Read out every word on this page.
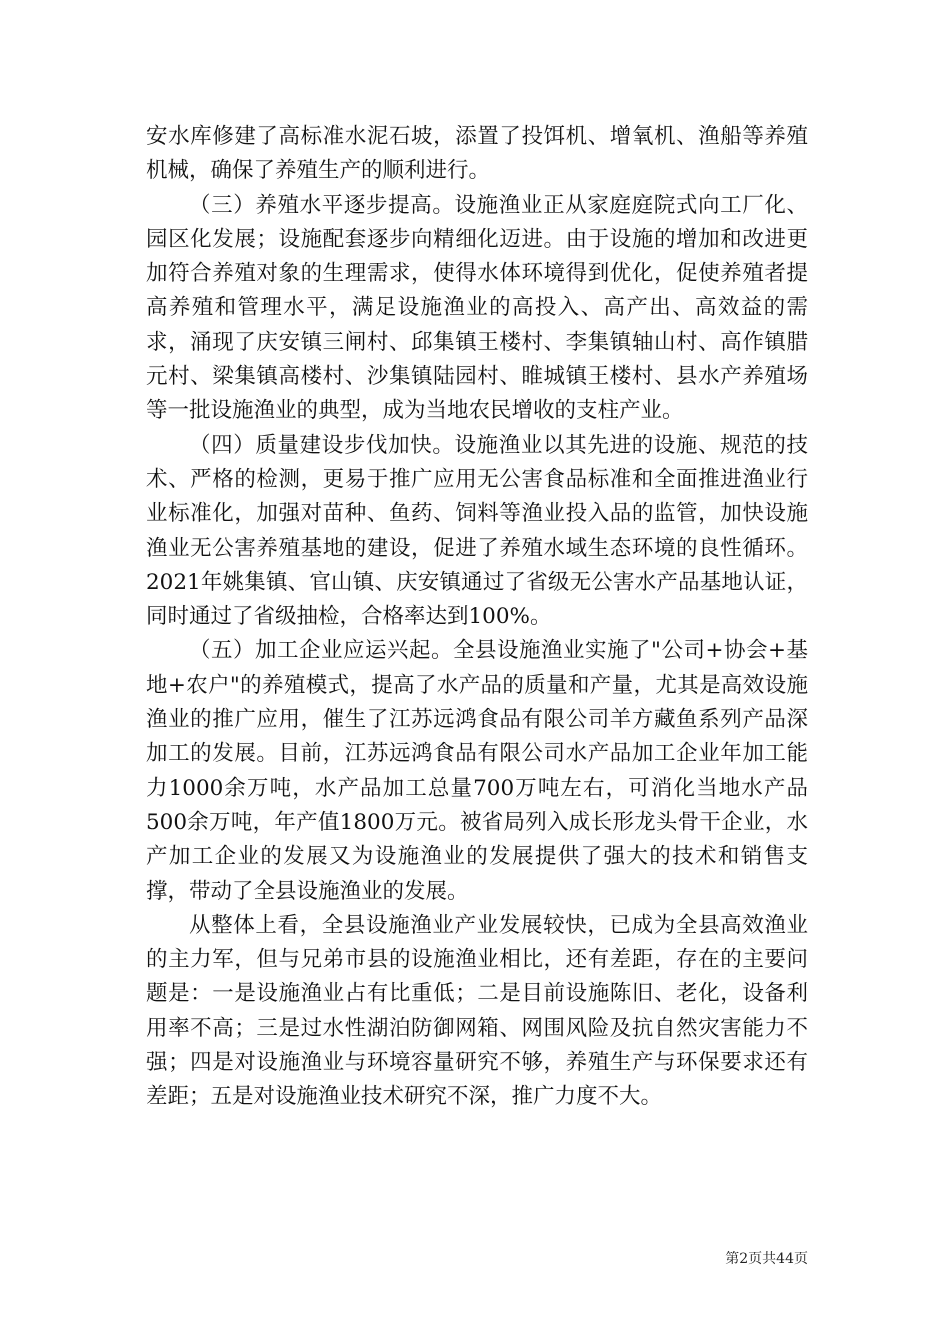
安水库修建了高标准水泥石坡，添置了投饵机、增氧机、渔船等养殖机械，确保了养殖生产的顺利进行。

（三）养殖水平逐步提高。设施渔业正从家庭庭院式向工厂化、园区化发展；设施配套逐步向精细化迈进。由于设施的增加和改进更加符合养殖对象的生理需求，使得水体环境得到优化，促使养殖者提高养殖和管理水平，满足设施渔业的高投入、高产出、高效益的需求，涌现了庆安镇三闸村、邱集镇王楼村、李集镇轴山村、高作镇腊元村、梁集镇高楼村、沙集镇陆园村、睢城镇王楼村、县水产养殖场等一批设施渔业的典型，成为当地农民增收的支柱产业。

（四）质量建设步伐加快。设施渔业以其先进的设施、规范的技术、严格的检测，更易于推广应用无公害食品标准和全面推进渔业行业标准化，加强对苗种、鱼药、饲料等渔业投入品的监管，加快设施渔业无公害养殖基地的建设，促进了养殖水域生态环境的良性循环。2021年姚集镇、官山镇、庆安镇通过了省级无公害水产品基地认证，同时通过了省级抽检，合格率达到100%。

（五）加工企业应运兴起。全县设施渔业实施了"公司+协会+基地+农户"的养殖模式，提高了水产品的质量和产量，尤其是高效设施渔业的推广应用，催生了江苏远鸿食品有限公司羊方藏鱼系列产品深加工的发展。目前，江苏远鸿食品有限公司水产品加工企业年加工能力1000余万吨，水产品加工总量700万吨左右，可消化当地水产品500余万吨，年产值1800万元。被省局列入成长形龙头骨干企业，水产加工企业的发展又为设施渔业的发展提供了强大的技术和销售支撑，带动了全县设施渔业的发展。

从整体上看，全县设施渔业产业发展较快，已成为全县高效渔业的主力军，但与兄弟市县的设施渔业相比，还有差距，存在的主要问题是：一是设施渔业占有比重低；二是目前设施陈旧、老化，设备利用率不高；三是过水性湖泊防御网箱、网围风险及抗自然灾害能力不强；四是对设施渔业与环境容量研究不够，养殖生产与环保要求还有差距；五是对设施渔业技术研究不深，推广力度不大。

第2页共44页
